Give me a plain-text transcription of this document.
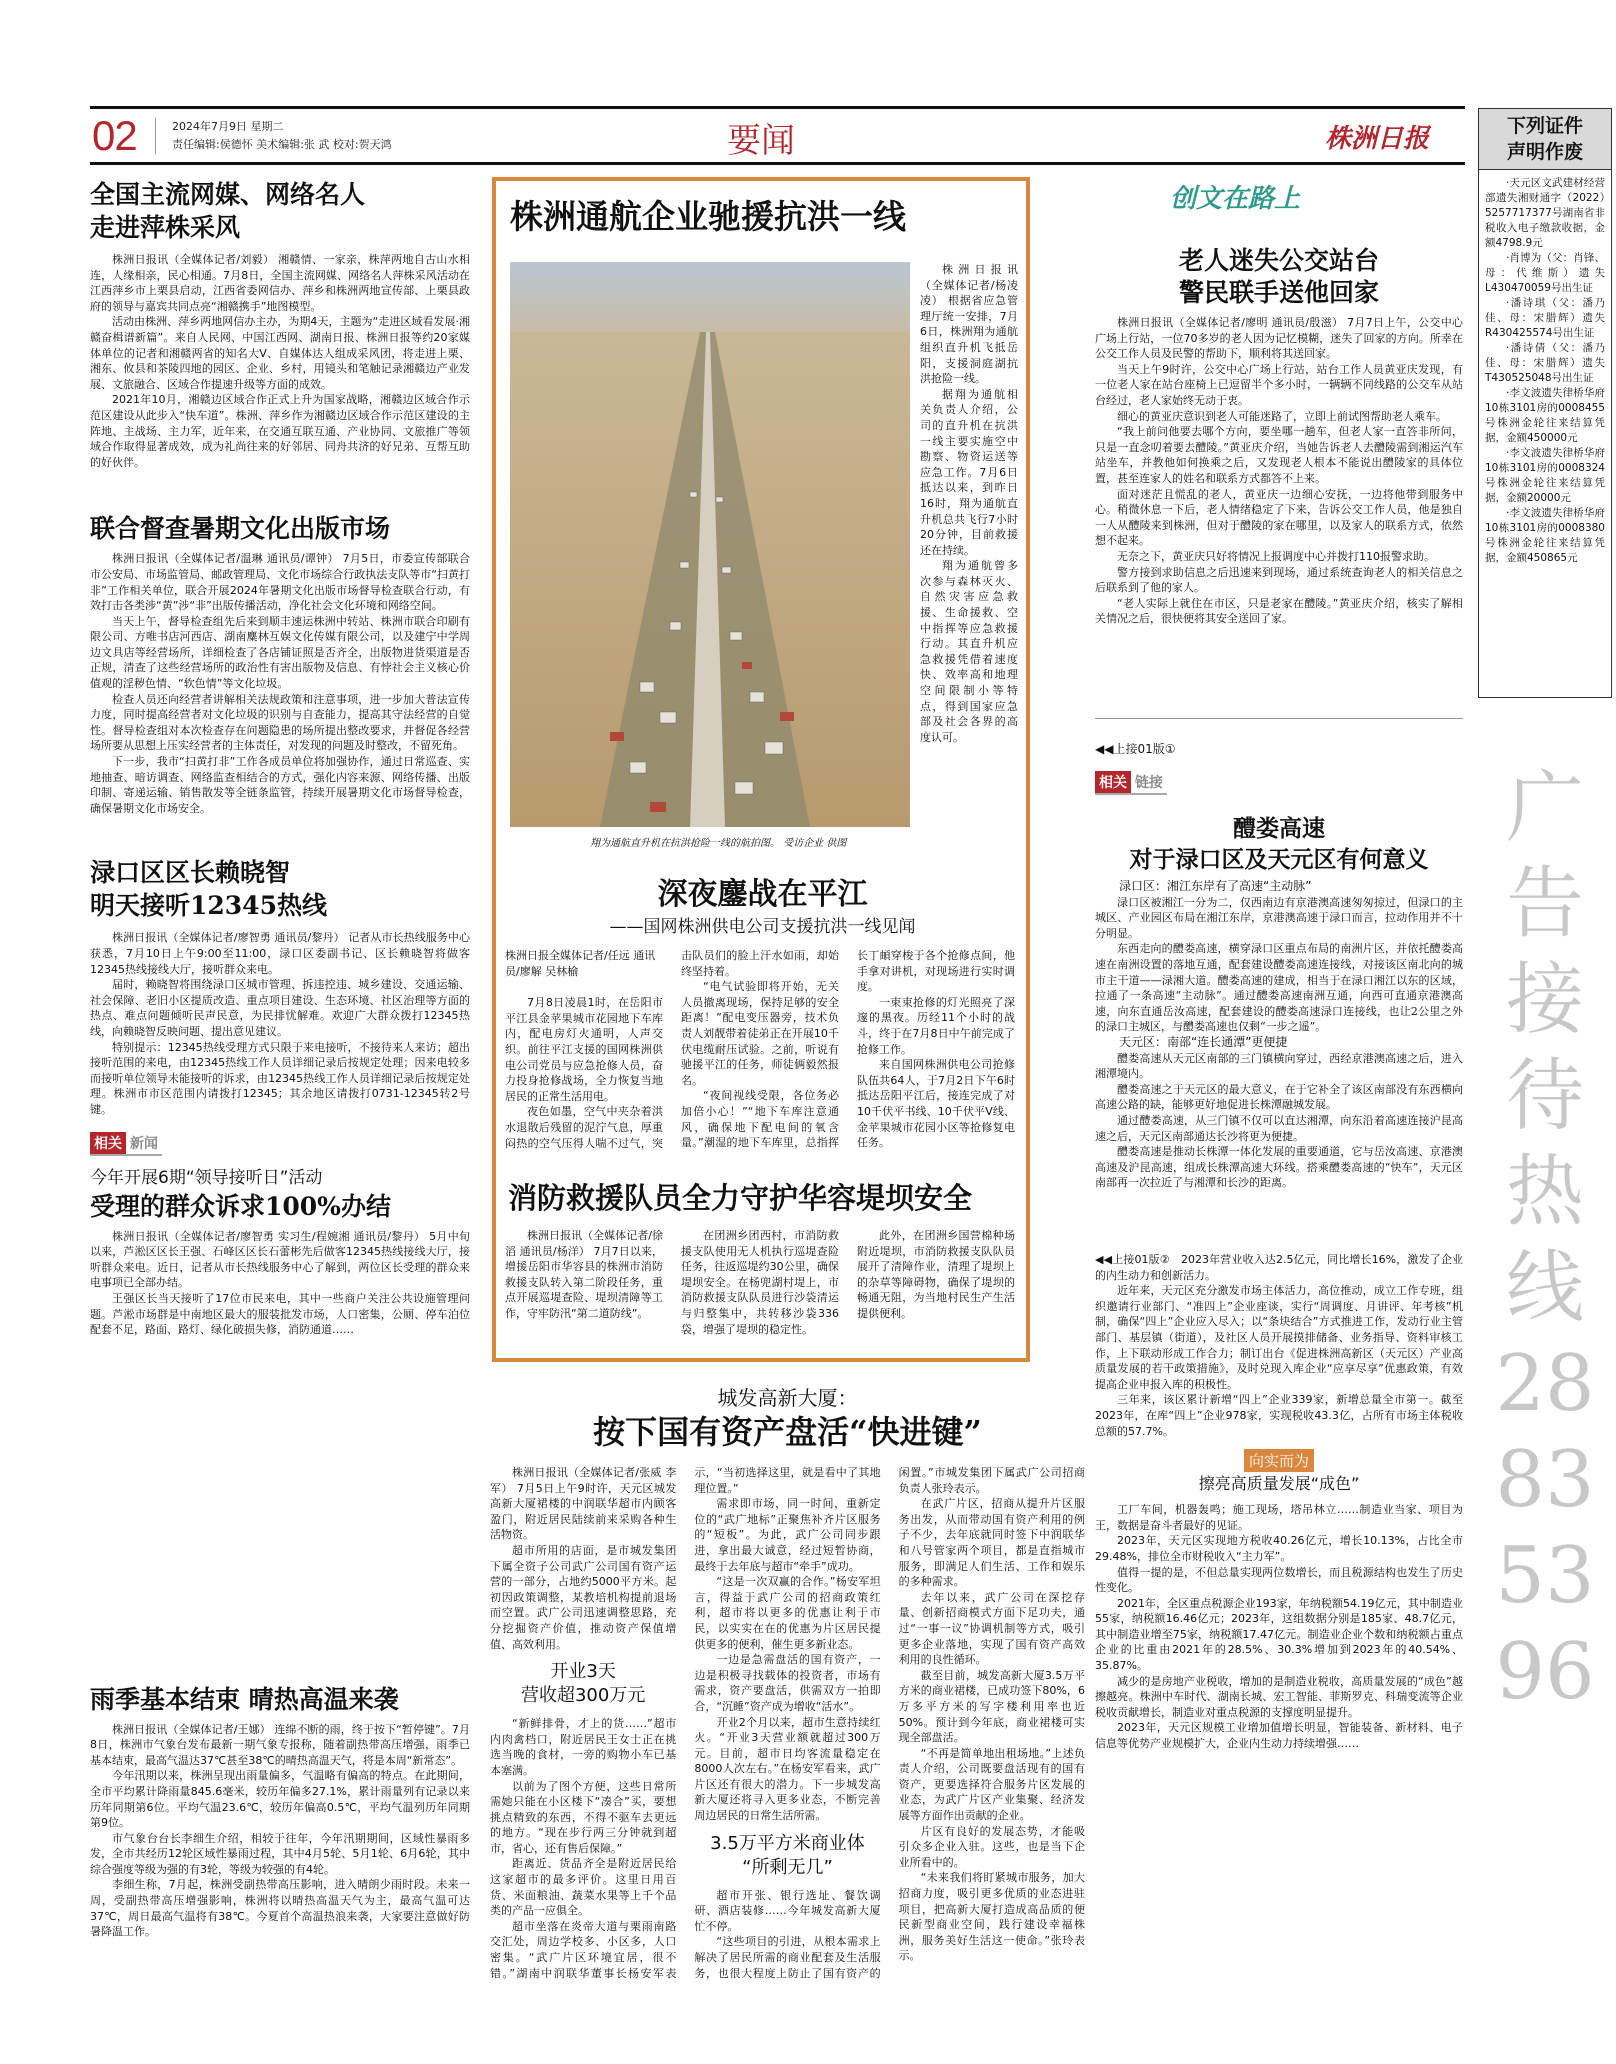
02	2024年7月9日 星期二
责任编辑:侯德怀 美术编辑:张 武 校对:贺天鸿	要闻	株洲日报
全国主流网媒、网络名人
走进萍株采风

株洲日报讯（全媒体记者/刘毅） 湘赣情、一家亲，株萍两地自古山水相连，人缘相亲，民心相通。7月8日，全国主流网媒、网络名人萍株采风活动在江西萍乡市上栗县启动，江西省委网信办、萍乡和株洲两地宣传部、上栗县政府的领导与嘉宾共同点亮“湘赣携手”地图模型。

活动由株洲、萍乡两地网信办主办，为期4天，主题为“走进区域看发展·湘赣奋楫谱新篇”。来自人民网、中国江西网、湖南日报、株洲日报等约20家媒体单位的记者和湘赣两省的知名大V、自媒体达人组成采风团，将走进上栗、湘东、攸县和茶陵四地的园区、企业、乡村，用镜头和笔触记录湘赣边产业发展、文旅融合、区域合作提速升级等方面的成效。

2021年10月，湘赣边区域合作正式上升为国家战略，湘赣边区域合作示范区建设从此步入“快车道”。株洲、萍乡作为湘赣边区域合作示范区建设的主阵地、主战场、主力军，近年来，在交通互联互通、产业协同、文旅推广等领域合作取得显著成效，成为礼尚往来的好邻居、同舟共济的好兄弟、互帮互助的好伙伴。

联合督查暑期文化出版市场

株洲日报讯（全媒体记者/温琳 通讯员/谭钟） 7月5日，市委宣传部联合市公安局、市场监管局、邮政管理局、文化市场综合行政执法支队等市“扫黄打非”工作相关单位，联合开展2024年暑期文化出版市场督导检查联合行动，有效打击各类涉“黄”涉“非”出版传播活动，净化社会文化环境和网络空间。

当天上午，督导检查组先后来到顺丰速运株洲中转站、株洲市联合印刷有限公司、方唯书店河西店、湖南麋林互娱文化传媒有限公司，以及建宁中学周边文具店等经营场所，详细检查了各店铺证照是否齐全，出版物进货渠道是否正规，清查了这些经营场所的政治性有害出版物及信息、有悖社会主义核心价值观的淫秽色情、“软色情”等文化垃圾。

检查人员还向经营者讲解相关法规政策和注意事项，进一步加大普法宣传力度，同时提高经营者对文化垃圾的识别与自查能力，提高其守法经营的自觉性。督导检查组对本次检查存在问题隐患的场所提出整改要求，并督促各经营场所要从思想上压实经营者的主体责任，对发现的问题及时整改，不留死角。

下一步，我市“扫黄打非”工作各成员单位将加强协作，通过日常巡查、实地抽查、暗访调查、网络监查相结合的方式，强化内容来源、网络传播、出版印制、寄递运输、销售散发等全链条监管，持续开展暑期文化市场督导检查，确保暑期文化市场安全。

渌口区区长赖晓智
明天接听12345热线

株洲日报讯（全媒体记者/廖智勇 通讯员/黎丹） 记者从市长热线服务中心获悉，7月10日上午9:00至11:00，渌口区委副书记、区长赖晓智将做客12345热线接线大厅，接听群众来电。

届时，赖晓智将围绕渌口区城市管理、拆违控违、城乡建设、交通运输、社会保障、老旧小区提质改造、重点项目建设、生态环境、社区治理等方面的热点、难点问题倾听民声民意，为民排忧解难。欢迎广大群众拨打12345热线，向赖晓智反映问题、提出意见建议。

特别提示：12345热线受理方式只限于来电接听，不接待来人来访；超出接听范围的来电，由12345热线工作人员详细记录后按规定处理；因来电较多而接听单位领导未能接听的诉求，由12345热线工作人员详细记录后按规定处理。株洲市市区范围内请拨打12345；其余地区请拨打0731-12345转2号键。

相关 新闻
今年开展6期“领导接听日”活动
受理的群众诉求100%办结

株洲日报讯（全媒体记者/廖智勇 实习生/程婉湘 通讯员/黎丹） 5月中旬以来，芦淞区区长王强、石峰区区长石蕾彬先后做客12345热线接线大厅，接听群众来电。近日，记者从市长热线服务中心了解到，两位区长受理的群众来电事项已全部办结。

王强区长当天接听了17位市民来电，其中一些商户关注公共设施管理问题。芦淞市场群是中南地区最大的服装批发市场，人口密集，公厕、停车泊位配套不足，路面、路灯、绿化破损失修，消防通道……

雨季基本结束 晴热高温来袭

株洲日报讯（全媒体记者/王娜） 连绵不断的雨，终于按下“暂停键”。7月8日，株洲市气象台发布最新一期气象专报称，随着副热带高压增强，雨季已基本结束，最高气温达37℃甚至38℃的晴热高温天气，将是本周“新常态”。

今年汛期以来，株洲呈现出雨量偏多，气温略有偏高的特点。在此期间，全市平均累计降雨量845.6毫米，较历年偏多27.1%，累计雨量列有记录以来历年同期第6位。平均气温23.6℃，较历年偏高0.5℃，平均气温列历年同期第9位。

市气象台台长李细生介绍，相较于往年，今年汛期期间，区域性暴雨多发，全市共经历12轮区域性暴雨过程，其中4月5轮、5月1轮、6月6轮，其中综合强度等级为强的有3轮，等级为较强的有4轮。

李细生称，7月起，株洲受副热带高压影响，进入晴朗少雨时段。未来一周，受副热带高压增强影响，株洲将以晴热高温天气为主，最高气温可达37℃，周日最高气温将有38℃。今夏首个高温热浪来袭，大家要注意做好防暑降温工作。

株洲通航企业驰援抗洪一线

株洲日报讯（全媒体记者/杨凌凌） 根据省应急管理厅统一安排，7月6日，株洲翔为通航组织直升机飞抵岳阳，支援洞庭湖抗洪抢险一线。

据翔为通航相关负责人介绍，公司的直升机在抗洪一线主要实施空中勘察、物资运送等应急工作。7月6日抵达以来，到昨日16时，翔为通航直升机总共飞行7小时20分钟，目前救援还在持续。

翔为通航曾多次参与森林灭火、自然灾害应急救援、生命援救、空中指挥等应急救援行动。其直升机应急救援凭借着速度快、效率高和地理空间限制小等特点，得到国家应急部及社会各界的高度认可。

翔为通航直升机在抗洪抢险一线的航拍图。 受访企业 供图
深夜鏖战在平江
——国网株洲供电公司支援抗洪一线见闻
株洲日报全媒体记者/任远 通讯员/廖解 吴林榆

7月8日凌晨1时，在岳阳市平江县金苹果城市花园地下车库内，配电房灯火通明，人声交织。前往平江支援的国网株洲供电公司党员与应急抢修人员，奋力投身抢修战场，全力恢复当地居民的正常生活用电。

夜色如墨，空气中夹杂着洪水退散后残留的泥泞气息，厚重闷热的空气压得人喘不过气，突击队员们的脸上汗水如雨，却始终坚持着。

“电气试验即将开始，无关人员撤离现场，保持足够的安全距离！”配电变压器旁，技术负责人刘靓带着徒弟正在开展10千伏电缆耐压试验。之前，听说有驰援平江的任务，师徒俩毅然报名。

“夜间视线受限，各位务必加倍小心！”“地下车库注意通风，确保地下配电间的氧含量。”潮湿的地下车库里，总指挥长丁頔穿梭于各个抢修点间，他手拿对讲机，对现场进行实时调度。

一束束抢修的灯光照亮了深邃的黑夜。历经11个小时的战斗，终于在7月8日中午前完成了抢修工作。

来自国网株洲供电公司抢修队伍共64人，于7月2日下午6时抵达岳阳平江后，接连完成了对10千伏平书线、10千伏平V线、金苹果城市花园小区等抢修复电任务。

消防救援队员全力守护华容堤坝安全

株洲日报讯（全媒体记者/徐滔 通讯员/杨洋） 7月7日以来，增援岳阳市华容县的株洲市消防救援支队转入第二阶段任务，重点开展巡堤查险、堤坝清障等工作，守牢防汛“第二道防线”。

在团洲乡团西村，市消防救援支队使用无人机执行巡堤查险任务，往返巡堤约30公里，确保堤坝安全。在杨兜湖村堤上，市消防救援支队队员进行沙袋清运与归整集中，共转移沙袋336袋，增强了堤坝的稳定性。

此外，在团洲乡国营棉种场附近堤坝，市消防救援支队队员展开了清障作业，清理了堤坝上的杂草等障碍物，确保了堤坝的畅通无阻，为当地村民生产生活提供便利。

城发高新大厦：
按下国有资产盘活“快进键”

株洲日报讯（全媒体记者/张威 李军） 7月5日上午9时许，天元区城发高新大厦裙楼的中润联华超市内顾客盈门，附近居民陆续前来采购各种生活物资。

超市所用的店面，是市城发集团下属全资子公司武广公司国有资产运营的一部分，占地约5000平方米。起初因政策调整，某教培机构提前退场而空置。武广公司迅速调整思路，充分挖掘资产价值，推动资产保值增值、高效利用。

开业3天
营收超300万元

“新鲜排骨，才上的货……”超市内肉禽档口，附近居民王女士正在挑选当晚的食材，一旁的购物小车已基本塞满。

以前为了图个方便，这些日常所需她只能在小区楼下“凑合”买，要想挑点精致的东西，不得不驱车去更远的地方。“现在步行两三分钟就到超市，省心，还有售后保障。”

距离近、货品齐全是附近居民给这家超市的最多评价。这里日用百货、米面粮油、蔬菜水果等上千个品类的产品一应俱全。

超市坐落在炎帝大道与栗雨南路交汇处，周边学校多、小区多，人口密集。“武广片区环境宜居，很不错。”湖南中润联华董事长杨安军表示，“当初选择这里，就是看中了其地理位置。”

需求即市场，同一时间，重新定位的“武广地标”正聚焦补齐片区服务的“短板”。为此，武广公司同步跟进，拿出最大诚意，经过短暂协商，最终于去年底与超市“牵手”成功。

“这是一次双赢的合作。”杨安军坦言，得益于武广公司的招商政策红利，超市将以更多的优惠让利于市民，以实实在在的优惠为片区居民提供更多的便利，催生更多新业态。

一边是急需盘活的国有资产，一边是积极寻找载体的投资者，市场有需求，资产要盘活，供需双方一拍即合，“沉睡”资产成为增收“活水”。

开业2个月以来，超市生意持续红火。“开业3天营业额就超过300万元。目前，超市日均客流量稳定在8000人次左右。”在杨安军看来，武广片区还有很大的潜力。下一步城发高新大厦还将寻入更多业态，不断完善周边居民的日常生活所需。

3.5万平方米商业体
“所剩无几”

超市开张、银行选址、餐饮调研、酒店装修……今年城发高新大厦忙不停。

“这些项目的引进，从根本需求上解决了居民所需的商业配套及生活服务，也很大程度上防止了国有资产的闲置。”市城发集团下属武广公司招商负责人张玲表示。

在武广片区，招商从提升片区服务出发，从而带动国有资产利用的例子不少，去年底就同时签下中润联华和八号管家两个项目，都是直指城市服务，即满足人们生活、工作和娱乐的多种需求。

去年以来，武广公司在深挖存量、创新招商模式方面下足功夫，通过“一事一议”协调机制等方式，吸引更多企业落地，实现了国有资产高效利用的良性循环。

截至目前，城发高新大厦3.5万平方米的商业裙楼，已成功签下80%，6万多平方米的写字楼利用率也近50%。预计到今年底，商业裙楼可实现全部盘活。

“不再是简单地出租场地。”上述负责人介绍，公司既要盘活现有的国有资产，更要选择符合服务片区发展的业态，为武广片区产业集聚、经济发展等方面作出贡献的企业。

片区有良好的发展态势，才能吸引众多企业入驻。这些，也是当下企业所看中的。

“未来我们将盯紧城市服务，加大招商力度，吸引更多优质的业态进驻项目，把高新大厦打造成高品质的便民新型商业空间，践行建设幸福株洲，服务美好生活这一使命。”张玲表示。

创文在路上
老人迷失公交站台
警民联手送他回家

株洲日报讯（全媒体记者/廖明 通讯员/殷滋） 7月7日上午，公交中心广场上行站，一位70多岁的老人因为记忆模糊，迷失了回家的方向。所幸在公交工作人员及民警的帮助下，顺利将其送回家。

当天上午9时许，公交中心广场上行站，站台工作人员黄亚庆发现，有一位老人家在站台座椅上已逗留半个多小时，一辆辆不同线路的公交车从站台经过，老人家始终无动于衷。

细心的黄亚庆意识到老人可能迷路了，立即上前试图帮助老人乘车。

“我上前问他要去哪个方向，要坐哪一趟车，但老人家一直答非所问，只是一直念叨着要去醴陵。”黄亚庆介绍，当她告诉老人去醴陵需到湘运汽车站坐车，并教他如何换乘之后，又发现老人根本不能说出醴陵家的具体位置，甚至连家人的姓名和联系方式都答不上来。

面对迷茫且慌乱的老人，黄亚庆一边细心安抚，一边将他带到服务中心。稍微休息一下后，老人情绪稳定了下来，告诉公交工作人员，他是独自一人从醴陵来到株洲，但对于醴陵的家在哪里，以及家人的联系方式，依然想不起来。

无奈之下，黄亚庆只好将情况上报调度中心并拨打110报警求助。

警方接到求助信息之后迅速来到现场，通过系统查询老人的相关信息之后联系到了他的家人。

“老人实际上就住在市区，只是老家在醴陵。”黄亚庆介绍，核实了解相关情况之后，很快便将其安全送回了家。

◀◀上接01版①
相关 链接
醴娄高速
对于渌口区及天元区有何意义

渌口区：湘江东岸有了高速“主动脉”

渌口区被湘江一分为二，仅西南边有京港澳高速匆匆掠过，但渌口的主城区、产业园区布局在湘江东岸，京港澳高速于渌口而言，拉动作用并不十分明显。

东西走向的醴娄高速，横穿渌口区重点布局的南洲片区，并依托醴娄高速在南洲设置的落地互通，配套建设醴娄高速连接线，对接该区南北向的城市主干道——渌湘大道。醴娄高速的建成，相当于在渌口湘江以东的区域，拉通了一条高速“主动脉”。通过醴娄高速南洲互通，向西可直通京港澳高速，向东直通岳汝高速，配套建设的醴娄高速渌口连接线，也让2公里之外的渌口主城区，与醴娄高速也仅剩“一步之遥”。

天元区：南部“连长通潭”更便捷

醴娄高速从天元区南部的三门镇横向穿过，西经京港澳高速之后，进入湘潭境内。

醴娄高速之于天元区的最大意义，在于它补全了该区南部没有东西横向高速公路的缺，能够更好地促进长株潭融城发展。

通过醴娄高速，从三门镇不仅可以直达湘潭，向东沿着高速连接沪昆高速之后，天元区南部通达长沙将更为便捷。

醴娄高速是推动长株潭一体化发展的重要通道，它与岳汝高速、京港澳高速及沪昆高速，组成长株潭高速大环线。搭乘醴娄高速的“快车”，天元区南部再一次拉近了与湘潭和长沙的距离。

◀◀上接01版②　 2023年营业收入达2.5亿元，同比增长16%，激发了企业的内生动力和创新活力。

近年来，天元区充分激发市场主体活力，高位推动，成立工作专班，组织邀请行业部门、“准四上”企业座谈，实行“周调度、月讲评、年考核”机制，确保“四上”企业应入尽入；以“条块结合”方式推进工作，发动行业主管部门、基层镇（街道），及社区人员开展摸排储备、业务指导、资料审核工作，上下联动形成工作合力；制订出台《促进株洲高新区（天元区）产业高质量发展的若干政策措施》，及时兑现入库企业“应享尽享”优惠政策，有效提高企业申报入库的积极性。

三年来，该区累计新增“四上”企业339家，新增总量全市第一。截至2023年，在库“四上”企业978家，实现税收43.3亿，占所有市场主体税收总额的57.7%。

向实而为
擦亮高质量发展“成色”

工厂车间，机器轰鸣；施工现场，塔吊林立……制造业当家、项目为王，数据是奋斗者最好的见证。

2023年，天元区实现地方税收40.26亿元，增长10.13%，占比全市29.48%，排位全市财税收入“主力军”。

值得一提的是，不但总量实现两位数增长，而且税源结构也发生了历史性变化。

2021年，全区重点税源企业193家，年纳税额54.19亿元，其中制造业55家，纳税额16.46亿元；2023年，这组数据分别是185家、48.7亿元，其中制造业增至75家，纳税额17.47亿元。制造业企业个数和纳税额占重点企业的比重由2021年的28.5%、30.3%增加到2023年的40.54%、35.87%。

减少的是房地产业税收，增加的是制造业税收，高质量发展的“成色”越擦越亮。株洲中车时代、湖南长城、宏工智能、菲斯罗克、科瑞变流等企业税收贡献增长，制造业对重点税源的支撑度明显提升。

2023年，天元区规模工业增加值增长明显，智能装备、新材料、电子信息等优势产业规模扩大，企业内生动力持续增强……

下列证件
声明作废

·天元区文武建材经营部遗失湘财通字（2022）5257717377号湖南省非税收入电子缴款收据，金额4798.9元

·肖博为（父：肖锋、母：代维斯）遗失L430470059号出生证

·潘诗琪（父：潘乃佳、母：宋腊辉）遗失R430425574号出生证

·潘诗倩（父：潘乃佳、母：宋腊辉）遗失T430525048号出生证

·李文波遗失律桥华府10栋3101房的0008455号株洲金轮往来结算凭据，金额450000元

·李文波遗失律桥华府10栋3101房的0008324号株洲金轮往来结算凭据，金额20000元

·李文波遗失律桥华府10栋3101房的0008380号株洲金轮往来结算凭据，金额450865元

广告接待热线28835396
